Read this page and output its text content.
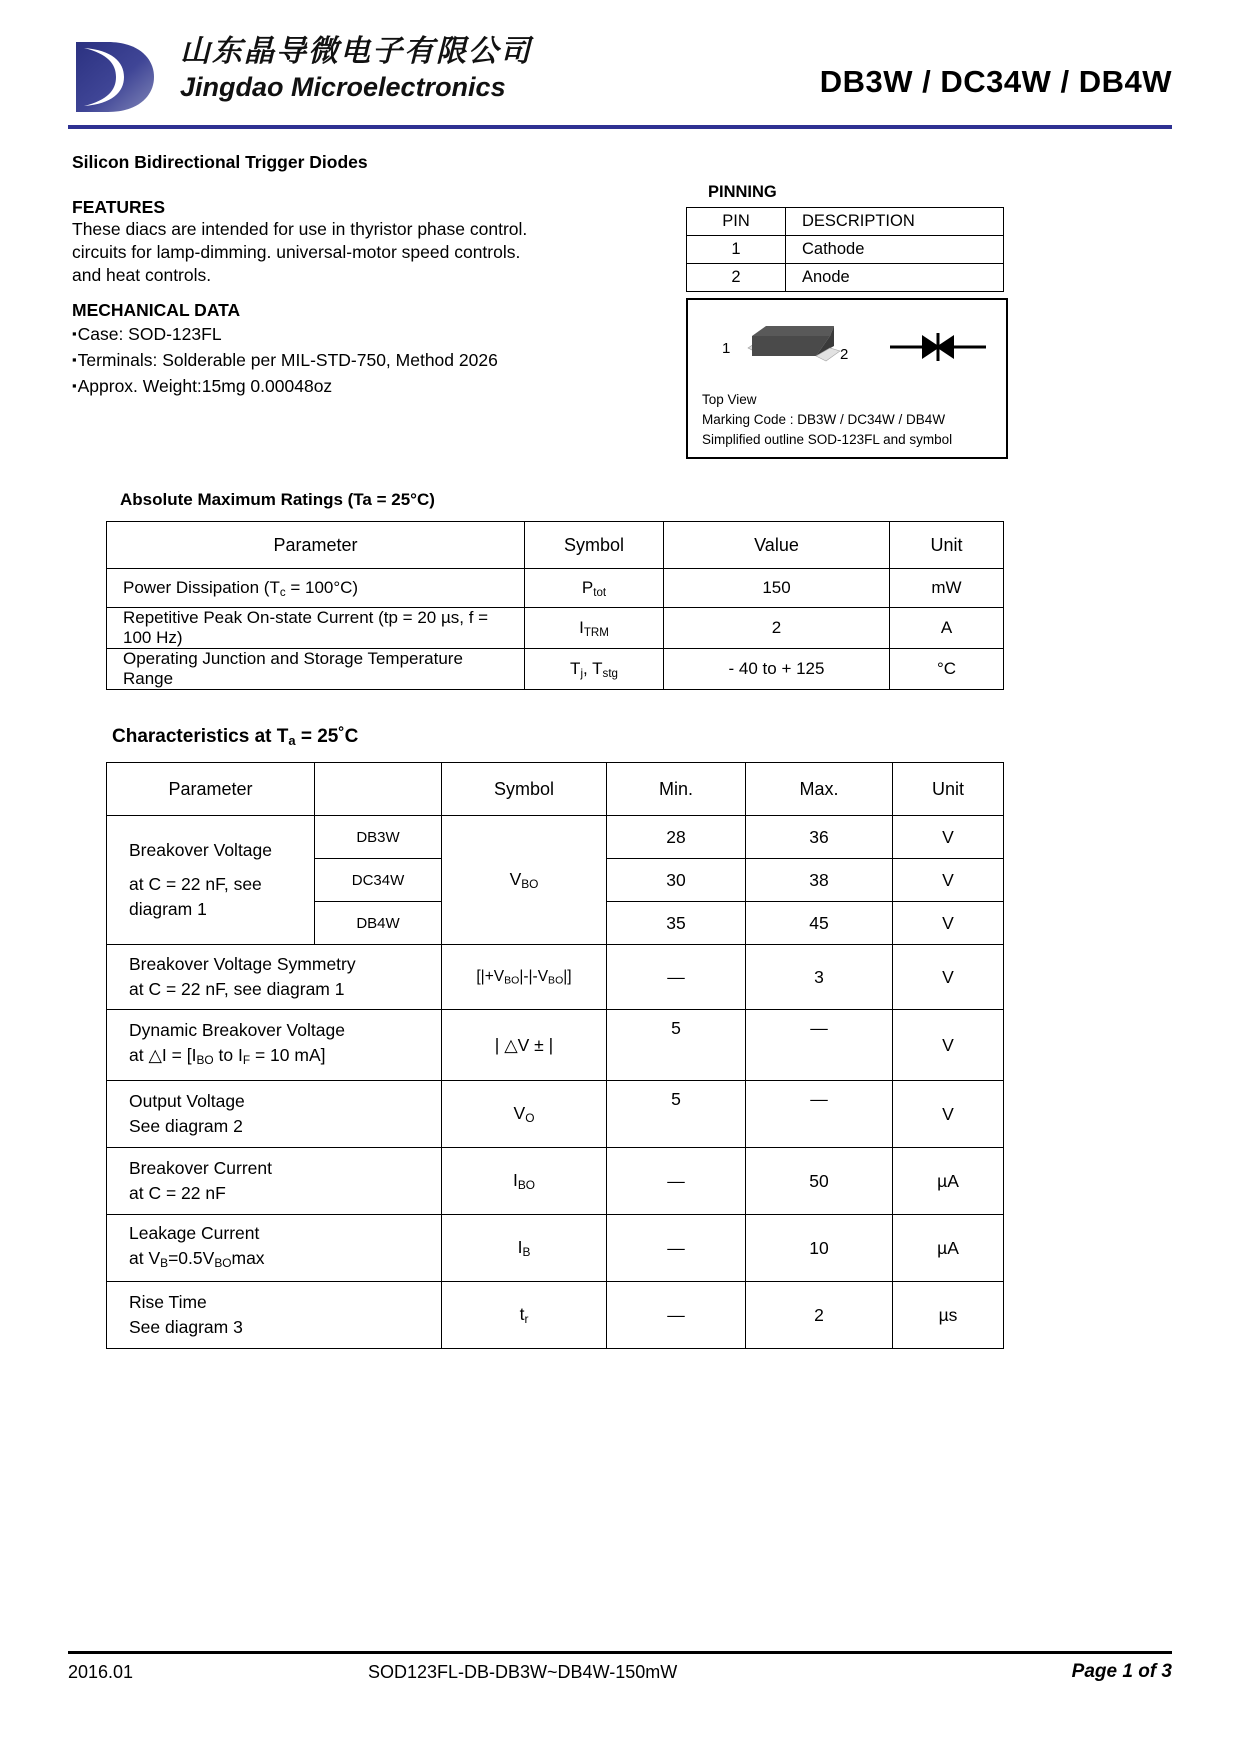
山东晶导微电子有限公司
Jingdao Microelectronics	DB3W / DC34W / DB4W
Silicon Bidirectional Trigger Diodes
FEATURES
These diacs are intended for use in thyristor phase control.
circuits for lamp-dimming. universal-motor speed controls.
and heat controls.
MECHANICAL DATA
▪ Case: SOD-123FL
▪ Terminals: Solderable per MIL-STD-750, Method 2026
▪ Approx. Weight:15mg 0.00048oz
PINNING
PIN	DESCRIPTION
1	Cathode
2	Anode
1	2
Top View
Marking Code : DB3W / DC34W / DB4W
Simplified outline SOD-123FL and symbol
Absolute Maximum Ratings (Ta = 25°C)
Parameter	Symbol	Value	Unit
Power Dissipation $(T_c = 100^\circ C)$	$P_{tot}$	150	mW
Repetitive Peak On-state Current (tp = 20 µs, f = 100 Hz)	$I_{TRM}$	2	A
Operating Junction and Storage Temperature Range	$T_j$, $T_{stg}$	- 40 to + 125	°C
Characteristics at $T_a$ = 25˚C
Parameter		Symbol	Min.	Max.	Unit

Breakover Voltage
at C = 22 nF, see diagram 1	DB3W	$V_{BO}$	28	36	V
	DC34W		30	38	V
	DB4W		35	45	V

Breakover Voltage Symmetry
at C = 22 nF, see diagram 1		$[|+V_{BO}|-|-V_{BO}|]$	—	3	V

Dynamic Breakover Voltage
at △I = [$I_{BO}$ to $I_F = 10$ mA]		| △V ± |	5	—	V

Output Voltage
See diagram 2		$V_O$	5	—	V

Breakover Current
at C = 22 nF		$I_{BO}$	—	50	µA

Leakage Current
at $V_B=0.5V_{BO}\max$		$I_B$	—	10	µA

Rise Time
See diagram 3		$t_r$	—	2	µs
2016.01	SOD123FL-DB-DB3W~DB4W-150mW	Page 1 of 3
